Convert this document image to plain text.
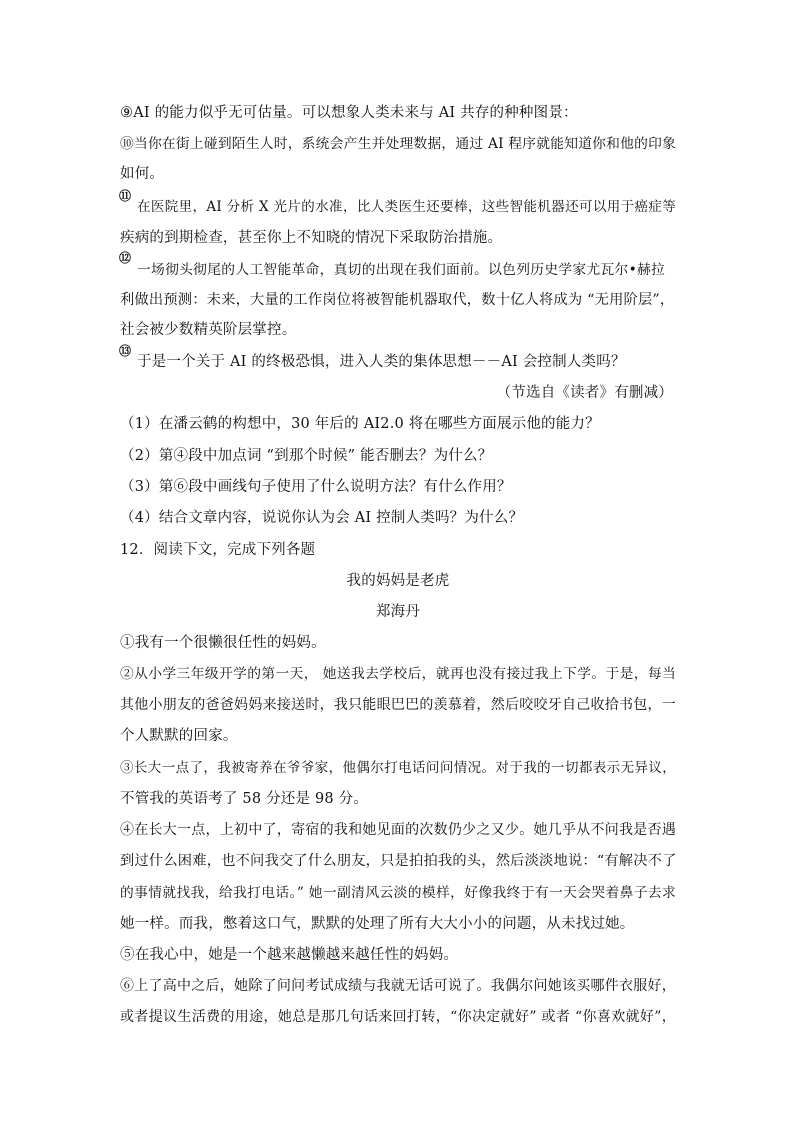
⑨AI 的能力似乎无可估量。可以想象人类未来与 AI 共存的种种图景：
⑩当你在街上碰到陌生人时，系统会产生并处理数据，通过 AI 程序就能知道你和他的印象
如何。
⑪
在医院里，AI 分析 X 光片的水准，比人类医生还要棒，这些智能机器还可以用于癌症等
疾病的到期检查，甚至你上不知晓的情况下采取防治措施。
⑫
一场彻头彻尾的人工智能革命，真切的出现在我们面前。以色列历史学家尤瓦尔•赫拉
利做出预测：未来，大量的工作岗位将被智能机器取代，数十亿人将成为 “无用阶层”，
社会被少数精英阶层掌控。
⑬
于是一个关于 AI 的终极恐惧，进入人类的集体思想－－AI 会控制人类吗？
（节选自《读者》有删减）
（1）在潘云鹤的构想中，30 年后的 AI2.0 将在哪些方面展示他的能力？
（2）第④段中加点词 “到那个时候” 能否删去？为什么？
（3）第⑥段中画线句子使用了什么说明方法？有什么作用？
（4）结合文章内容，说说你认为会 AI 控制人类吗？为什么？
12．阅读下文，完成下列各题
我的妈妈是老虎
郑海丹
①我有一个很懒很任性的妈妈。
②从小学三年级开学的第一天， 她送我去学校后，就再也没有接过我上下学。于是，每当
其他小朋友的爸爸妈妈来接送时，我只能眼巴巴的羡慕着，然后咬咬牙自己收拾书包，一
个人默默的回家。
③长大一点了，我被寄养在爷爷家，他偶尔打电话问问情况。对于我的一切都表示无异议，
不管我的英语考了 58 分还是 98 分。
④在长大一点，上初中了，寄宿的我和她见面的次数仍少之又少。她几乎从不问我是否遇
到过什么困难，也不问我交了什么朋友，只是拍拍我的头，然后淡淡地说：“有解决不了
的事情就找我，给我打电话。” 她一副清风云淡的模样，好像我终于有一天会哭着鼻子去求
她一样。而我，憋着这口气，默默的处理了所有大大小小的问题，从未找过她。
⑤在我心中，她是一个越来越懒越来越任性的妈妈。
⑥上了高中之后，她除了问问考试成绩与我就无话可说了。我偶尔问她该买哪件衣服好，
或者提议生活费的用途，她总是那几句话来回打转，“你决定就好” 或者 “你喜欢就好”，
